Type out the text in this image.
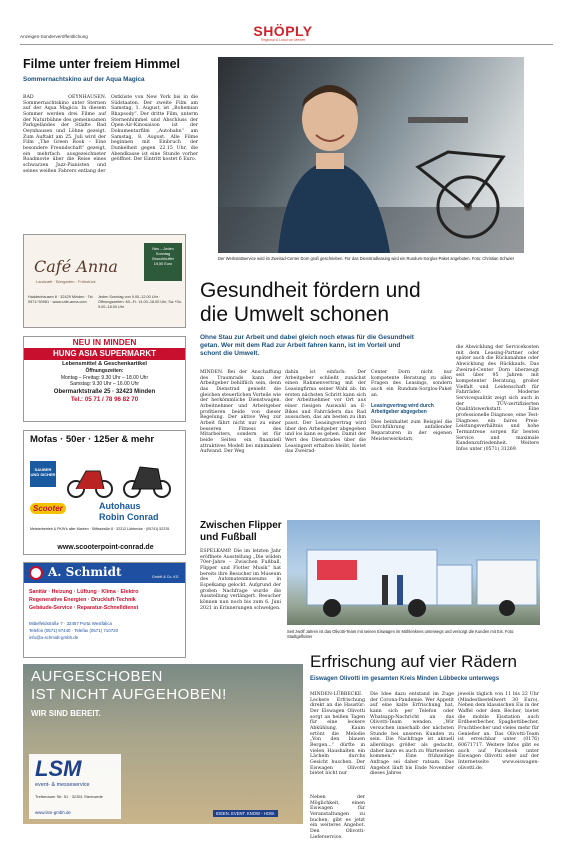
Anzeigen-Sonderveröffentlichung	SHÖPLY
Regional & Lokal vor Meiner
Filme unter freiem Himmel
Sommernachtskino auf der Aqua Magica
BAD OEYNHAUSEN. Sommernachtskino unter Sternen auf der Aqua Magica: In diesem Sommer werden drei Filme auf der Naturbühne des gemeinsamen Parkgeländes der Städte Bad Oeynhausen und Löhne gezeigt. Zum Auftakt am 25. Juli wird der Film „The Green Book – Eine besondere Freundschaft“ gezeigt, ein mehrfach ausgezeichneter Roadmovie über die Reise eines schwarzen Jazz-Pianisten und seines weißen Fahrers entlang der
Ostküste von New York bis in die Südstaaten. Der zweite Film am Samstag, 1. August, ist „Bohemian Rhapsody“. Der dritte Film, unterm Sternenhimmel und Abschluss der Open-Air-Kinosaison ist der Dokumentarfilm „Autobahn“ am Samstag, 8. August. Alle Filme beginnen mit Einbruch der Dunkelheit gegen 22.15 Uhr, die Abendkasse ist eine Stunde vorher geöffnet. Der Eintritt kostet 6 Euro.
Der Werkstattservice wird im Zweirad-Center Dorn groß geschrieben. Für das Dienstradleasing wird ein Rundum-Sorglos-Paket angeboten. Foto: Christian Schwier
Café Anna
Landcafé · Biergarten · Frühstück
Neu – Jeden Sonntag Brunchbuffet 19,50 Euro
Haddenhausen 8 · 32429 Minden · Tel. 0571/ 50981 · www.cafe-anna.com
Jeden Sonntag von 9.00–12.00 Uhr · Öffnungszeiten: Mi.–Fr. 14.00–18.00 Uhr, Sa.+So. 9.00–18.00 Uhr
NEU IN MINDEN
HUNG ASIA SUPERMARKT
Lebensmittel & Geschenkartikel
Öffnungszeiten:
Montag – Freitag: 9.30 Uhr – 18.00 Uhr
Samstag: 9.30 Uhr – 16.00 Uhr
Obermarktstraße 25 · 32423 Minden
Tel.: 05 71 / 78 96 82 70
Mofas · 50er · 125er & mehr
SAUBER UND SICHER
Scooter	Autohaus
Robin Conrad
Meisterbetrieb & PKW's aller Marken · Stiftsstraße 8 · 32312 Lübbecke · (05741) 52376
www.scooterpoint-conrad.de
A. Schmidt	GmbH & Co. KG
Sanitär · Heizung · Lüftung · Klima · Elektro
Regenerative Energien · Druckluft-Technik
Gebäude-Service · Reparatur-Schnelldienst
Mittelfeldstraße 7 · 32457 Porta Westfalica
Telefon (0571) 97440 · Telefax (0571) 710720
info@a-schmidt-gmbh.de
AUFGESCHOBEN
IST NICHT AUFGEHOBEN!
WIR SIND BEREIT.
LSM
event- & messeservice
Trettenauer Str. 51 · 32351 Stemwede
www.lsm-gmbh.de	IDEEN. EVENT. KNOW - HOW.
Gesundheit fördern und
die Umwelt schonen
Ohne Stau zur Arbeit und dabei gleich noch etwas für die Gesundheit getan. Wer mit dem Rad zur Arbeit fahren kann, ist im Vorteil und schont die Umwelt.
MINDEN. Bei der Anschaffung des Traumrads kann der Arbeitgeber behilflich sein, denn das Dienstrad genießt die gleichen steuerlichen Vorteile wie der herkömmliche Dienstwagen. Arbeitnehmer und Arbeitgeber profitieren beide von dieser Regelung. Der aktive Weg zur Arbeit fährt nicht nur zu einer besseren Fitness des Mitarbeiters, sondern ist für beide Seiten ein finanziell attraktives Modell bei minimalem Aufwand. Der Weg
dahin ist einfach: Der Arbeitgeber schließt zunächst einen Rahmenvertrag mit der Leasingfirma seiner Wahl ab. Im ersten nächsten Schritt kann sich der Arbeitnehmer vor Ort aus einer riesigen Auswahl an E-Bikes und Fahrrädern das Rad aussuchen, das am besten zu ihm passt. Der Leasingvertrag wird über den Arbeitgeber abgegeben und los kann es gehen. Damit der Wert des Dienstrades über die Leasingzeit erhalten bleibt, bietet das Zweirad-
Center Dorn nicht nur kompetente Beratung zu allen Fragen des Leasings, sondern auch ein Rundum-Sorglos-Paket an.
Leasingvertrag wird durch
Arbeitgeber abgegeben
Dies beinhaltet zum Beispiel die Durchführung anfallender Reparaturen in der eigenen Meisterwerkstatt,
die Abwicklung der Servicekosten mit dem Leasing-Partner oder später auch die Rückanahme oder Abwicklung des Rückkaufs. Das Zweirad-Center Dorn überzeugt seit über 95 Jahren mit kompetenter Beratung, großer Vielfalt und Leidenschaft für Fahrräder. Moderne Servicequalität zeigt sich auch in der TÜV-zertifizierten Qualitätswerkstatt. Eine professionelle Diagnose, eine Test-Diagnose, ein faires Preis-Leistungsverhältnis und hohe Termintreue sorgen für besten Service und maximale Kundenzufriedenheit. Weitere Infos unter (0571) 31269.
Zwischen Flipper
und Fußball
ESPELKAMP. Die im letzten Jahr eröffnete Ausstellung „Die wilden 70er-Jahre – Zwischen Fußball, Flipper und Flotter Musik“ hat bereits ihre Besucher im Museum des Automatenmuseums in Espelkamp gelockt. Aufgrund der großen Nachfrage wurde die Ausstellung verlängert. Besucher können nun noch bis zum 6. Juni 2021 in Erinnerungen schwelgen.
Seit zwölf Jahren ist das Olivotti-Team mit seinen Eiswagen im Mühlenkreis unterwegs und versorgt die Kunden mit Eis. Foto: Stadtgeflüster
Erfrischung auf vier Rädern
Eiswagen Olivotti im gesamten Kreis Minden Lübbecke unterwegs
MINDEN-LÜBBECKE. Leckere Erfrischung direkt an die Haustür: Der Eiswagen Olivotti sorgt an heißen Tagen für eine leckere Abkühlung. Kaum ertönt die Melodie „Von den blauen Bergen...“ dürfte in vielen Haushalten ein Lächeln durchs Gesicht huschen. Der Eiswagen Olivotti bietet nicht nur
Neben der Möglichkeit, einen Eiswagen für Veranstaltungen zu buchen, gibt es jetzt ein weiteres Angebot. Den Olivotti-Lieferservice.
Die Idee dazu entstand im Zuge der Corona-Pandemie. Wer Appetit auf eine kalte Erfrischung hat, kann sich per Telefon oder Whatsapp-Nachricht an das Olivotti-Team wenden. „Wir versuchen innerhalb der nächsten Stunde bei unseren Kunden zu sein. Die Nachfrage ist aktuell allerdings größer als gedacht, daher kann es auch zu Wartezeiten kommen.“ Eine frühzeitige Anfrage sei daher ratsam. Das Angebot läuft bis Ende November dieses Jahres
jeweils täglich von 11 bis 22 Uhr (Mindestbestellwert 30 Euro). Neben dem klassischen Eis in der Waffel oder dem Becher, bietet die mobile Eisstation auch Erdbeerbecher, Spaghettibecher, Fruchtbecher und vieles mehr für Genießer an. Das Olivotti-Team ist erreichbar unter (0176) 60671717. Weitere Infos gibt es auch auf Facebook unter Eiswagen Olivotti oder auf der Internetseite www.eiswagen-olivotti.de.
